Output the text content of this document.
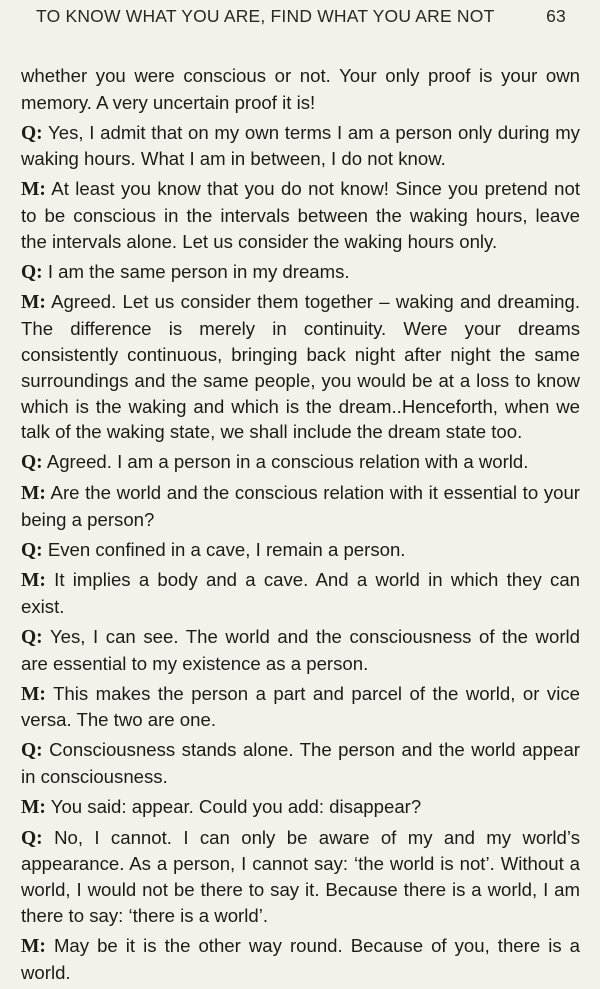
TO KNOW WHAT YOU ARE, FIND WHAT YOU ARE NOT	63

whether you were conscious or not. Your only proof is your own memory. A very uncertain proof it is!

Q: Yes, I admit that on my own terms I am a person only during my waking hours. What I am in between, I do not know.

M: At least you know that you do not know! Since you pretend not to be conscious in the intervals between the waking hours, leave the intervals alone. Let us consider the waking hours only.

Q: I am the same person in my dreams.

M: Agreed. Let us consider them together – waking and dreaming. The difference is merely in continuity. Were your dreams consistently continuous, bringing back night after night the same surroundings and the same people, you would be at a loss to know which is the waking and which is the dream..Henceforth, when we talk of the waking state, we shall include the dream state too.

Q: Agreed. I am a person in a conscious relation with a world.

M: Are the world and the conscious relation with it essential to your being a person?

Q: Even confined in a cave, I remain a person.

M: It implies a body and a cave. And a world in which they can exist.

Q: Yes, I can see. The world and the consciousness of the world are essential to my existence as a person.

M: This makes the person a part and parcel of the world, or vice versa. The two are one.

Q: Consciousness stands alone. The person and the world appear in consciousness.

M: You said: appear. Could you add: disappear?

Q: No, I cannot. I can only be aware of my and my world’s appearance. As a person, I cannot say: ‘the world is not’. Without a world, I would not be there to say it. Because there is a world, I am there to say: ‘there is a world’.

M: May be it is the other way round. Because of you, there is a world.
